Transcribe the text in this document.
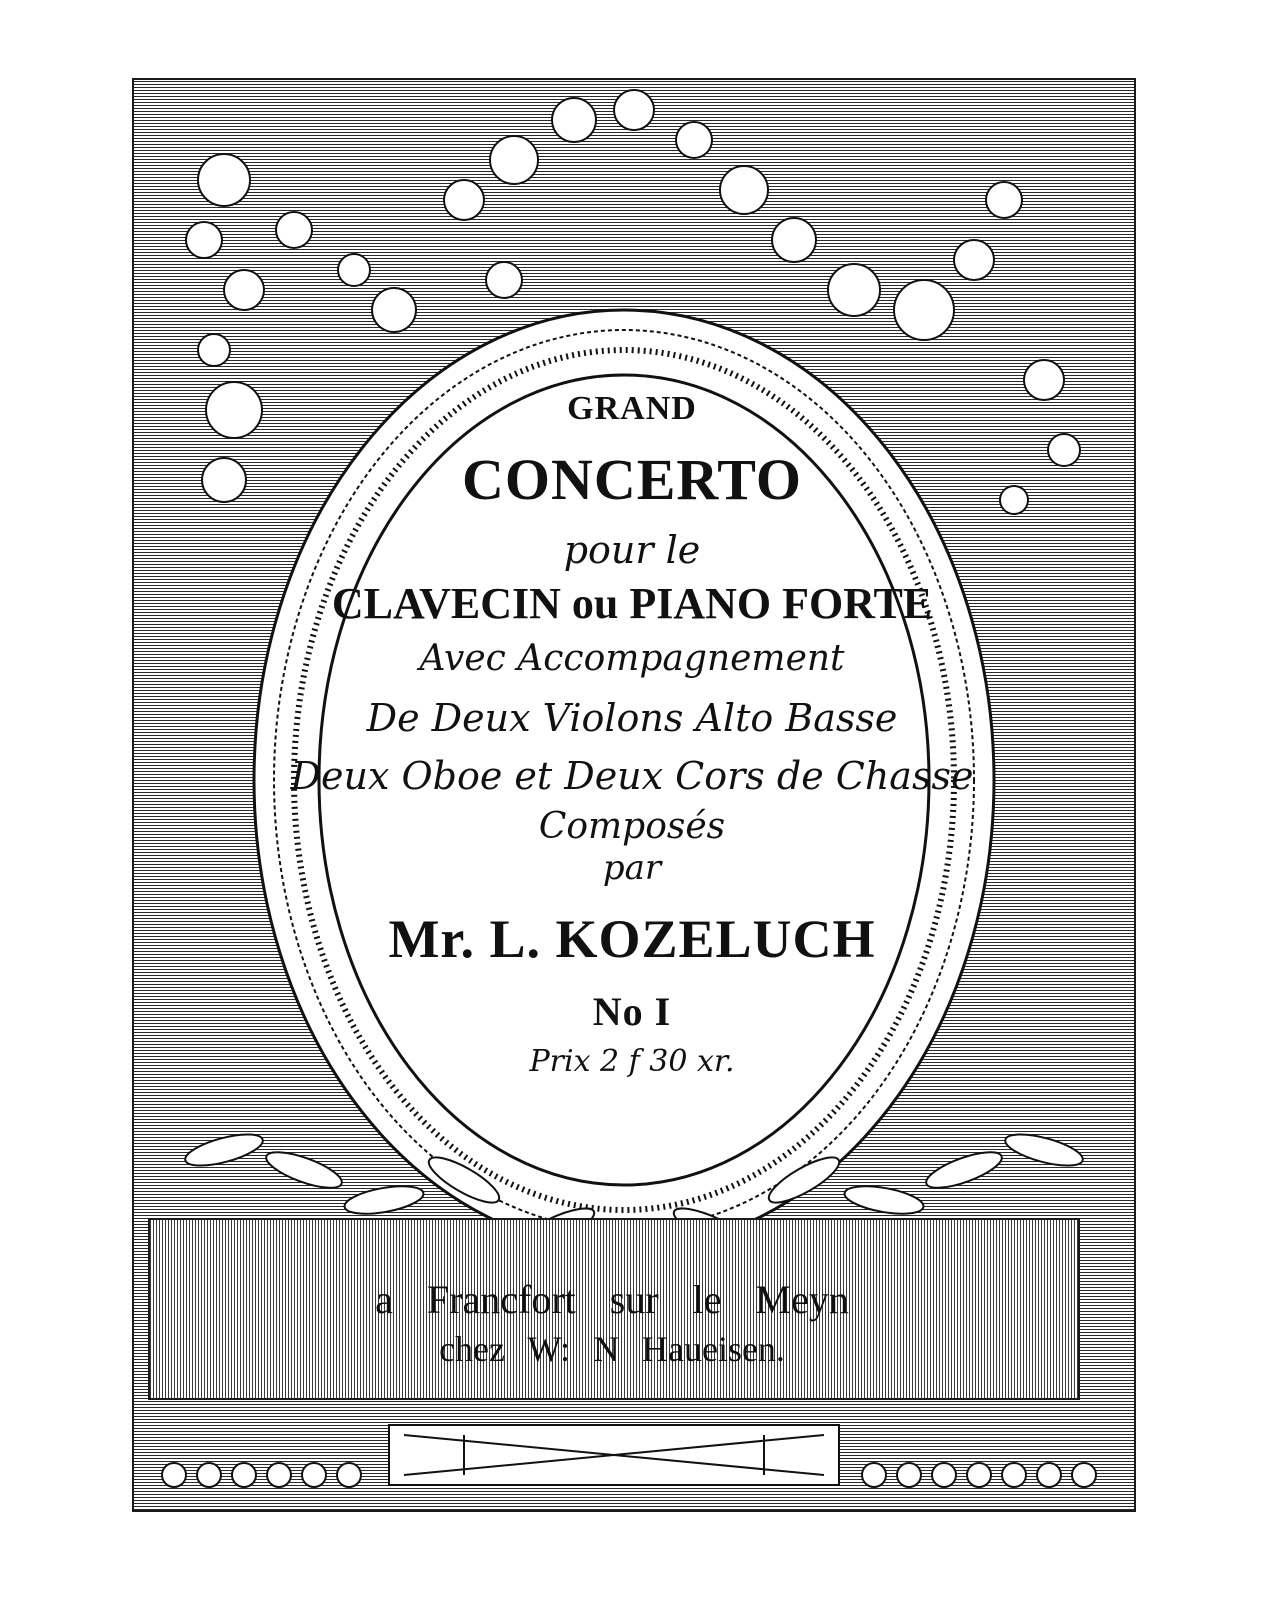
GRAND
CONCERTO
pour le
CLAVECIN ou PIANO FORTE
Avec Accompagnement
De Deux Violons Alto Basse
Deux Oboe et Deux Cors de Chasse
Composés
par
Mr. L. KOZELUCH
No I
Prix 2 f 30 xr.
a Francfort sur le Meyn
chez W: N Haueisen.
